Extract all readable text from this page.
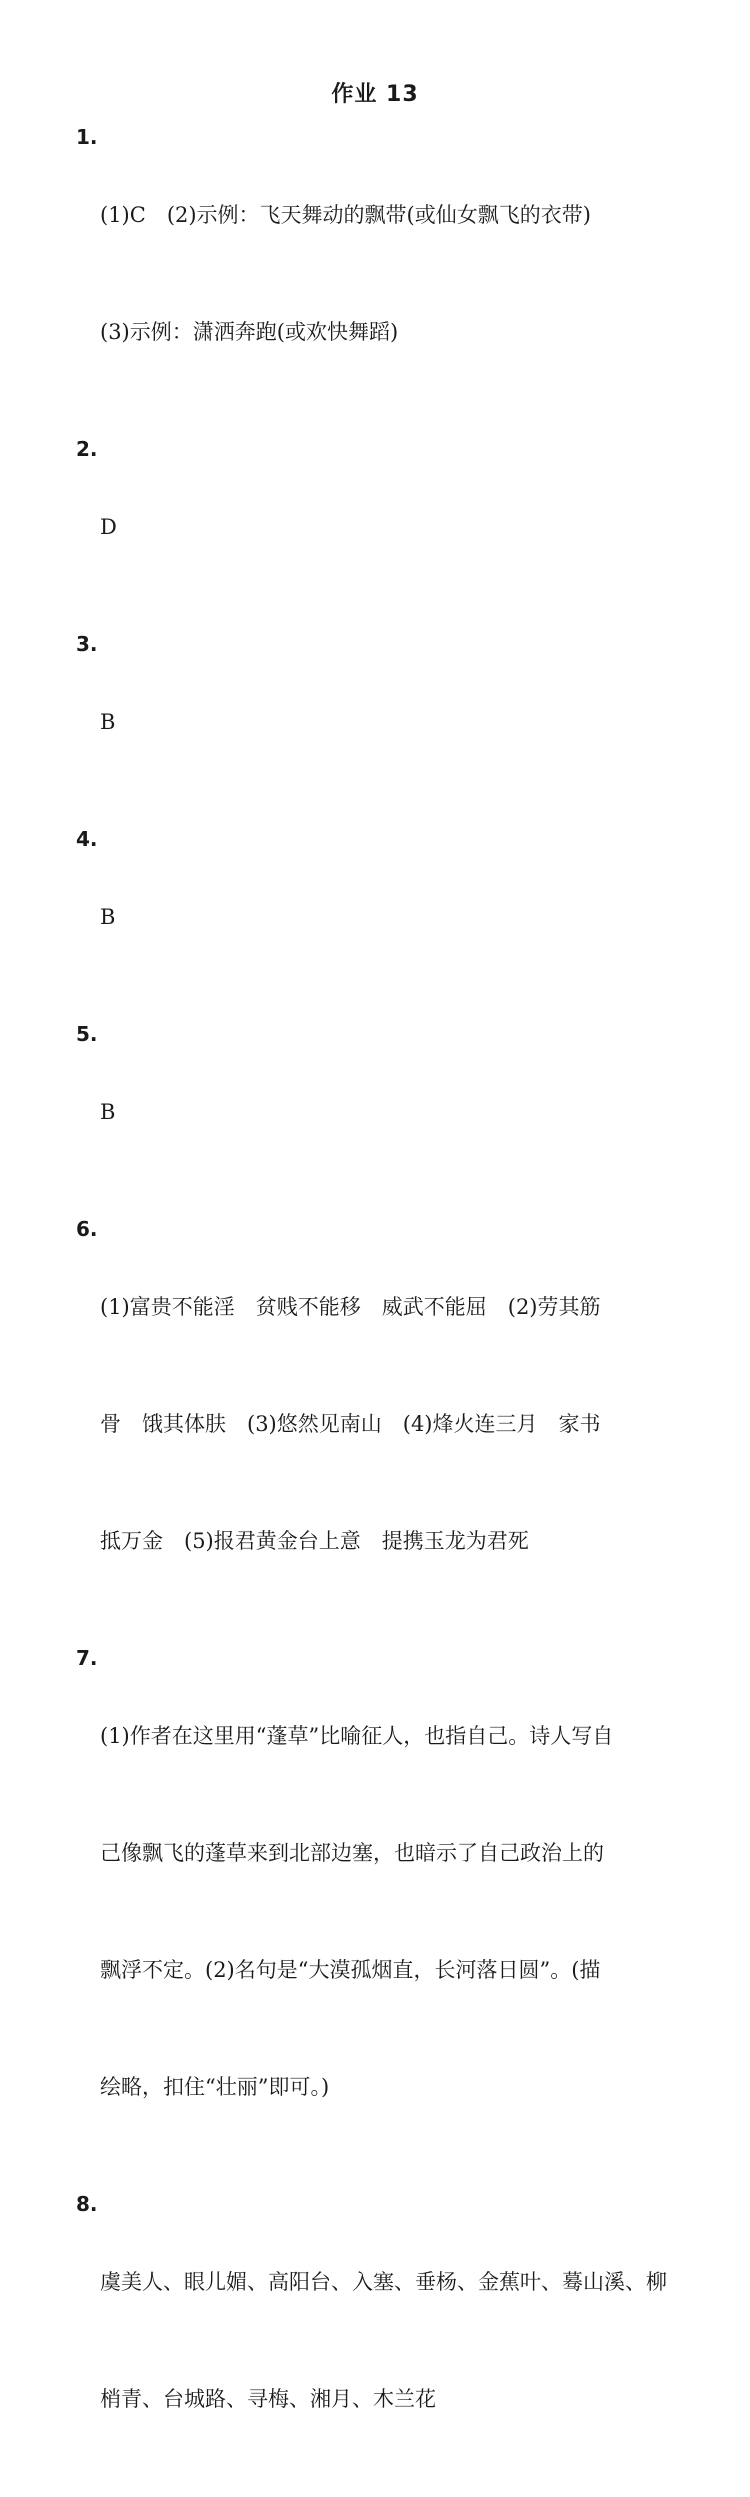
作业 13
1.

(1)C　(2)示例：飞天舞动的飘带(或仙女飘飞的衣带)

(3)示例：潇洒奔跑(或欢快舞蹈)

2.

D

3.

B

4.

B

5.

B

6.

(1)富贵不能淫　贫贱不能移　威武不能屈　(2)劳其筋

骨　饿其体肤　(3)悠然见南山　(4)烽火连三月　家书

抵万金　(5)报君黄金台上意　提携玉龙为君死

7.

(1)作者在这里用“蓬草”比喻征人，也指自己。诗人写自

己像飘飞的蓬草来到北部边塞，也暗示了自己政治上的

飘浮不定。(2)名句是“大漠孤烟直，长河落日圆”。(描

绘略，扣住“壮丽”即可。)

8.

虞美人、眼儿媚、高阳台、入塞、垂杨、金蕉叶、蓦山溪、柳

梢青、台城路、寻梅、湘月、木兰花
